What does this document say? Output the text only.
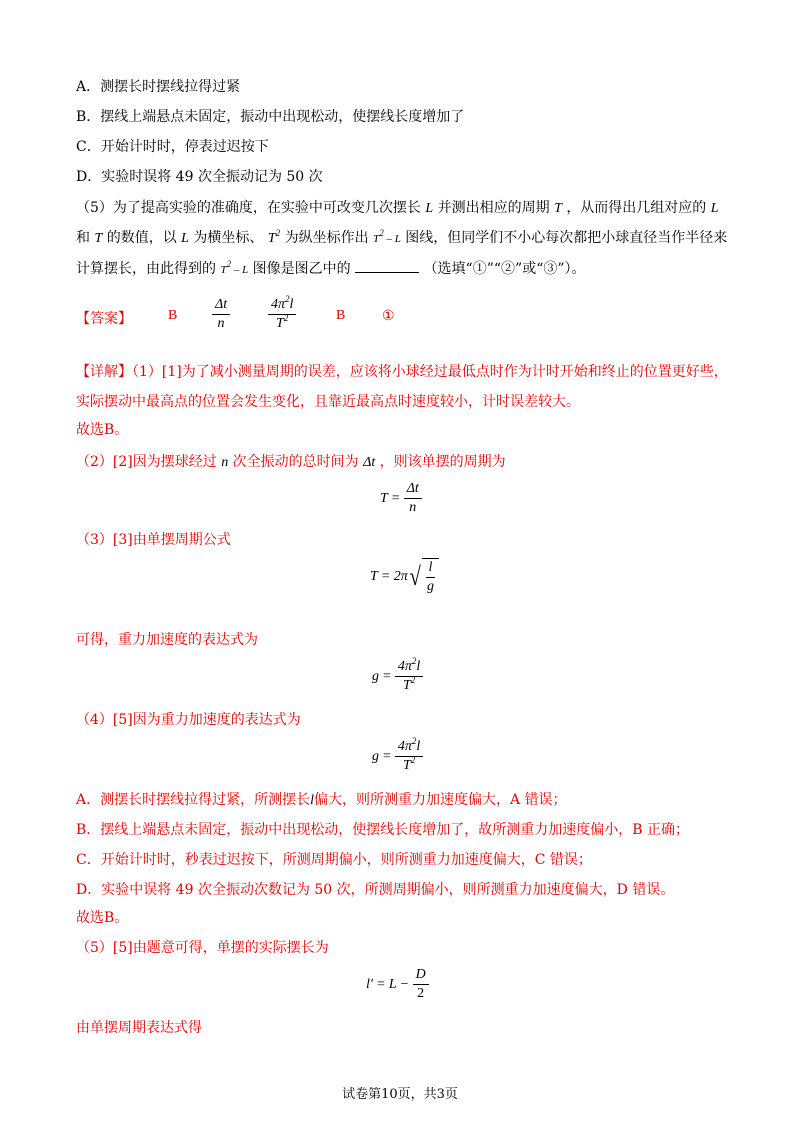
A．测摆长时摆线拉得过紧
B．摆线上端悬点未固定，振动中出现松动，使摆线长度增加了
C．开始计时时，停表过迟按下
D．实验时误将 49 次全振动记为 50 次
（5）为了提高实验的准确度，在实验中可改变几次摆长 L 并测出相应的周期 T ，从而得出几组对应的 L
和 T 的数值，以 L 为横坐标、 $T^2$ 为纵坐标作出 $T^2$ – L 图线，但同学们不小心每次都把小球直径当作半径来
计算摆长，由此得到的 $T^2$ – L 图像是图乙中的	（选填“①”“②”或“③”）。
【答案】	B $\frac{\Delta t}{n}$	$\frac{4\pi^2l}{T^2}$	B	①
【详解】（1）[1]为了减小测量周期的误差，应该将小球经过最低点时作为计时开始和终止的位置更好些，
实际摆动中最高点的位置会发生变化，且靠近最高点时速度较小，计时误差较大。
故选B。
（2）[2]因为摆球经过 n 次全振动的总时间为 Δt ，则该单摆的周期为
$T = \frac{\Delta t}{n}$
（3）[3]由单摆周期公式
T = 2π √ $\frac{l}{g}$
可得，重力加速度的表达式为
$g = \frac{4\pi^2l}{T^2}$
（4）[5]因为重力加速度的表达式为
$g = \frac{4\pi^2l}{T^2}$
A．测摆长时摆线拉得过紧，所测摆长l偏大，则所测重力加速度偏大，A 错误；
B．摆线上端悬点未固定，振动中出现松动，使摆线长度增加了，故所测重力加速度偏小，B 正确；
C．开始计时时，秒表过迟按下，所测周期偏小，则所测重力加速度偏大，C 错误；
D．实验中误将 49 次全振动次数记为 50 次，所测周期偏小，则所测重力加速度偏大，D 错误。
故选B。
（5）[5]由题意可得，单摆的实际摆长为
$l' = L - \frac{D}{2}$
由单摆周期表达式得
试卷第10页，共3页
